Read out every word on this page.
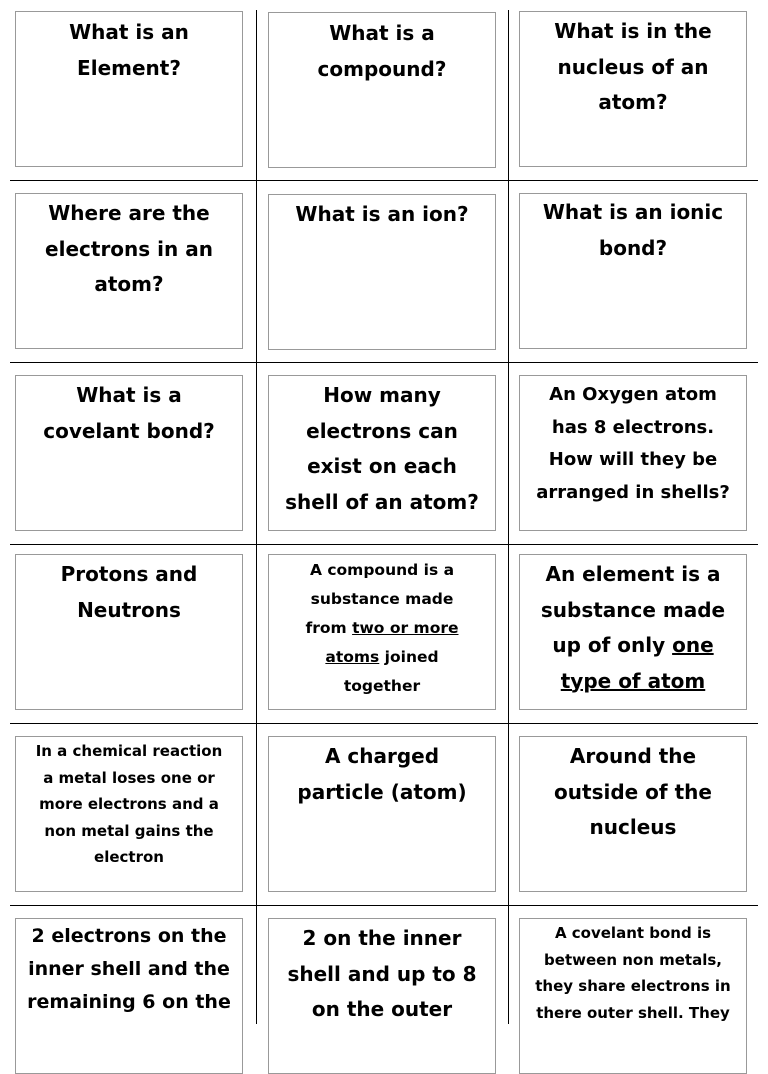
What is an
Element?
What is a
compound?
What is in the
nucleus of an
atom?
Where are the
electrons in an
atom?
What is an ion?	What is an ionic
bond?
What is a
covelant bond?
How many
electrons can
exist on each
shell of an atom?
An Oxygen atom
has 8 electrons.
How will they be
arranged in shells?
Protons and
Neutrons
A compound is a
substance made
from two or more
atoms joined
together
An element is a
substance made
up of only one
type of atom
In a chemical reaction
a metal loses one or
more electrons and a
non metal gains the
electron
A charged
particle (atom)
Around the
outside of the
nucleus
2 electrons on the
inner shell and the
remaining 6 on the
2 on the inner
shell and up to 8
on the outer
A covelant bond is
between non metals,
they share electrons in
there outer shell. They
